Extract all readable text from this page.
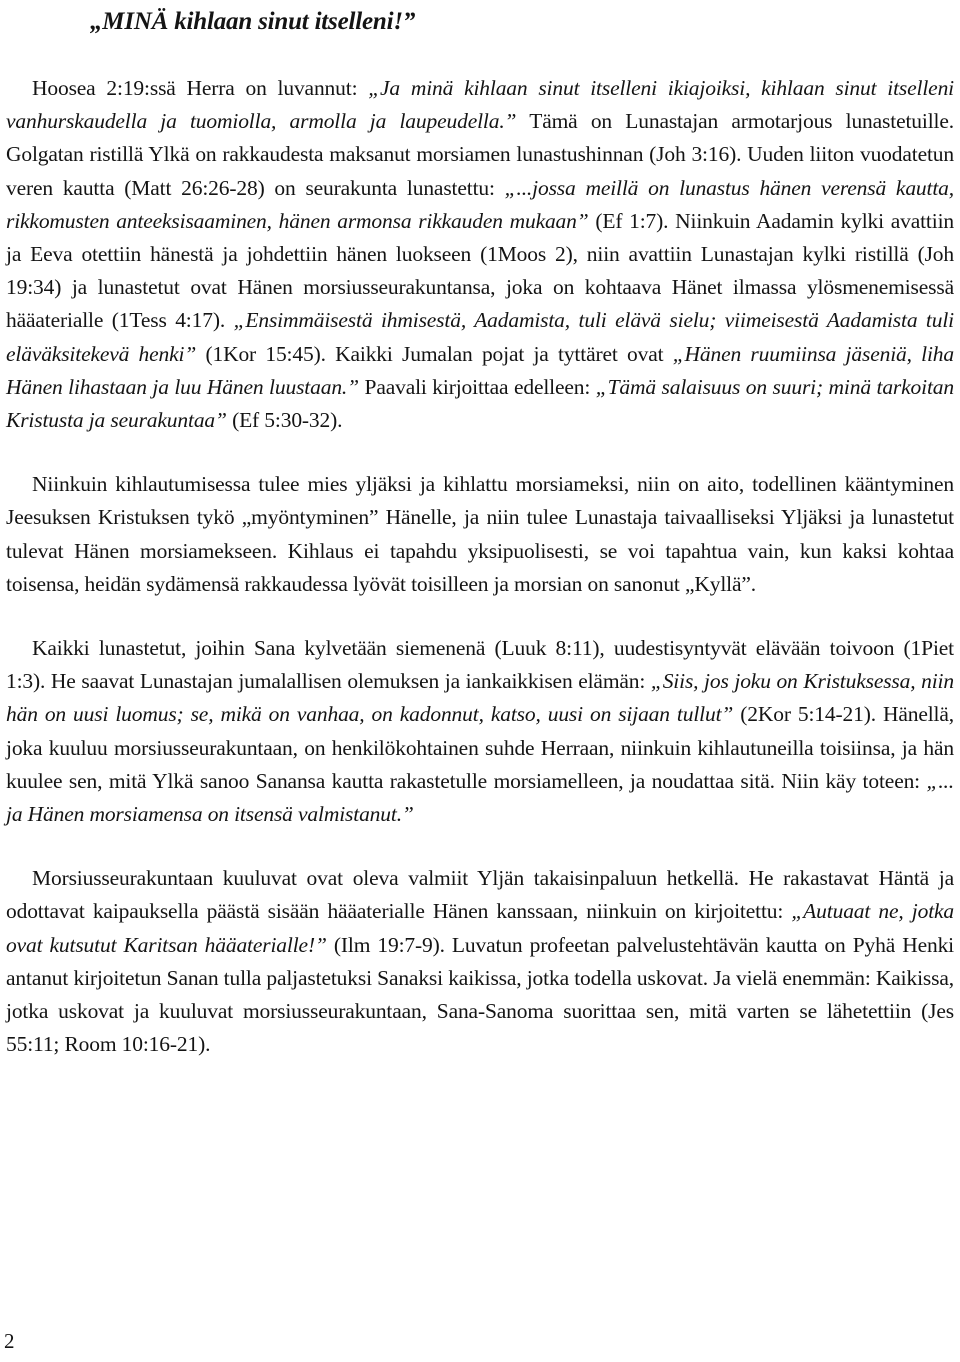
„MINÄ kihlaan sinut itselleni!”

Hoosea 2:19:ssä Herra on luvannut: „Ja minä kihlaan sinut itselleni ikiajoiksi, kihlaan sinut itselleni vanhurskaudella ja tuomiolla, armolla ja laupeudella.” Tämä on Lunastajan armotarjous lunastetuille. Golgatan ristillä Ylkä on rakkaudesta maksanut morsiamen lunastushinnan (Joh 3:16). Uuden liiton vuodatetun veren kautta (Matt 26:26-28) on seurakunta lunastettu: „...jossa meillä on lunastus hänen verensä kautta, rikkomusten anteeksisaaminen, hänen armonsa rikkauden mukaan” (Ef 1:7). Niinkuin Aadamin kylki avattiin ja Eeva otettiin hänestä ja johdettiin hänen luokseen (1Moos 2), niin avattiin Lunastajan kylki ristillä (Joh 19:34) ja lunastetut ovat Hänen morsiusseurakuntansa, joka on kohtaava Hänet ilmassa ylösmenemisessä hääaterialle (1Tess 4:17). „Ensimmäisestä ihmisestä, Aadamista, tuli elävä sielu; viimeisestä Aadamista tuli eläväksitekevä henki” (1Kor 15:45). Kaikki Jumalan pojat ja tyttäret ovat „Hänen ruumiinsa jäseniä, liha Hänen lihastaan ja luu Hänen luustaan.” Paavali kirjoittaa edelleen: „Tämä salaisuus on suuri; minä tarkoitan Kristusta ja seurakuntaa” (Ef 5:30-32).

Niinkuin kihlautumisessa tulee mies yljäksi ja kihlattu morsiameksi, niin on aito, todellinen kääntyminen Jeesuksen Kristuksen tykö „myöntyminen” Hänelle, ja niin tulee Lunastaja taivaalliseksi Yljäksi ja lunastetut tulevat Hänen morsiamekseen. Kihlaus ei tapahdu yksipuolisesti, se voi tapahtua vain, kun kaksi kohtaa toisensa, heidän sydämensä rakkaudessa lyövät toisilleen ja morsian on sanonut „Kyllä”.

Kaikki lunastetut, joihin Sana kylvetään siemenenä (Luuk 8:11), uudestisyntyvät elävään toivoon (1Piet 1:3). He saavat Lunastajan jumalallisen olemuksen ja iankaikkisen elämän: „Siis, jos joku on Kristuksessa, niin hän on uusi luomus; se, mikä on vanhaa, on kadonnut, katso, uusi on sijaan tullut” (2Kor 5:14-21). Hänellä, joka kuuluu morsiusseurakuntaan, on henkilökohtainen suhde Herraan, niinkuin kihlautuneilla toisiinsa, ja hän kuulee sen, mitä Ylkä sanoo Sanansa kautta rakastetulle morsiamelleen, ja noudattaa sitä. Niin käy toteen: „... ja Hänen morsiamensa on itsensä valmistanut.”

Morsiusseurakuntaan kuuluvat ovat oleva valmiit Yljän takaisinpaluun hetkellä. He rakastavat Häntä ja odottavat kaipauksella päästä sisään hääaterialle Hänen kanssaan, niinkuin on kirjoitettu: „Autuaat ne, jotka ovat kutsutut Karitsan hääaterialle!” (Ilm 19:7-9). Luvatun profeetan palvelustehtävän kautta on Pyhä Henki antanut kirjoitetun Sanan tulla paljastetuksi Sanaksi kaikissa, jotka todella uskovat. Ja vielä enemmän: Kaikissa, jotka uskovat ja kuuluvat morsiusseurakuntaan, Sana-Sanoma suorittaa sen, mitä varten se lähetettiin (Jes 55:11; Room 10:16-21).

2
